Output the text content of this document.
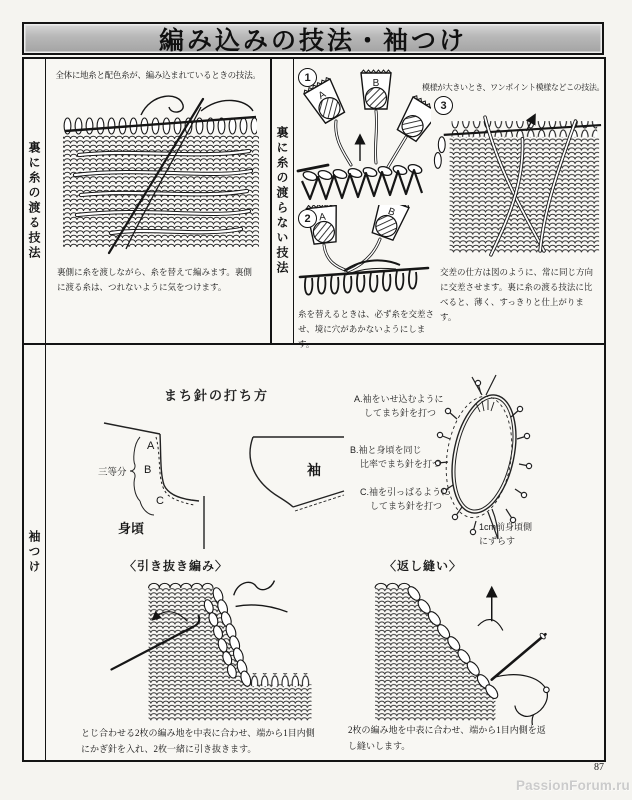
編み込みの技法・袖つけ
裏に糸の渡る技法
全体に地糸と配色糸が、編み込まれているときの技法。
裏側に糸を渡しながら、糸を替えて編みます。裏側に渡る糸は、つれないように気をつけます。
裏に糸の渡らない技法
1
2
3
模様が大きいとき、ワンポイント模様などこの技法。
A
B
A	B
糸を替えるときは、必ず糸を交差させ、境に穴があかないようにします。
交差の仕方は図のように、常に同じ方向に交差させます。裏に糸の渡る技法に比べると、薄く、すっきりと仕上がります。
袖つけ
まち針の打ち方
A
B
C
三等分
身頃
袖
A.袖をいせ込むように
してまち針を打つ
B.袖と身頃を同じ
比率でまち針を打つ
C.袖を引っぱるように
してまち針を打つ
1cm前身頃側
にずらす
〈引き抜き編み〉
とじ合わせる2枚の編み地を中表に合わせ、端から1目内側にかぎ針を入れ、2枚一緒に引き抜きます。
〈返し縫い〉
2枚の編み地を中表に合わせ、端から1目内側を返し縫いします。
87
PassionForum.ru
